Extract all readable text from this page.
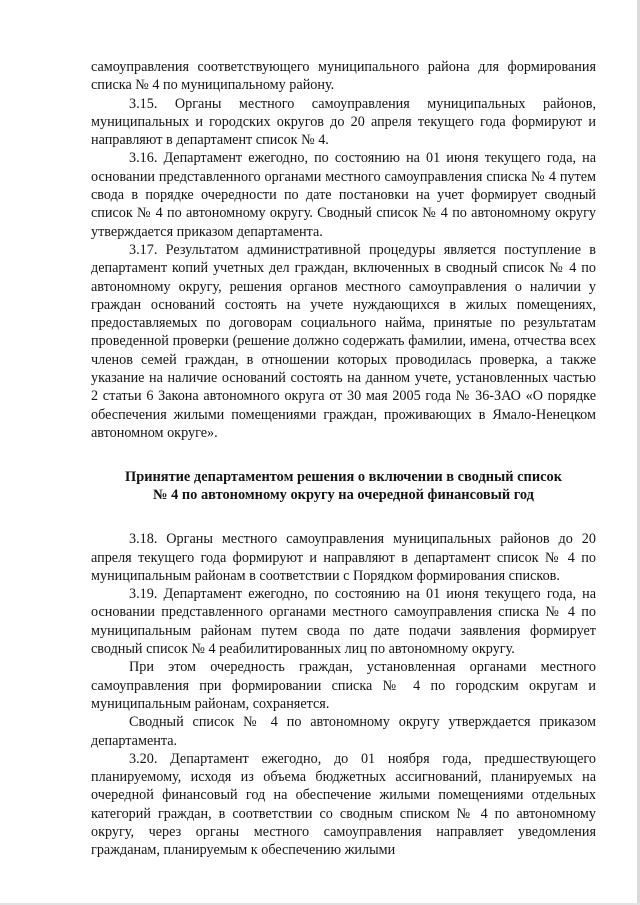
самоуправления соответствующего муниципального района для формирования списка № 4 по муниципальному району.

3.15. Органы местного самоуправления муниципальных районов, муниципальных и городских округов до 20 апреля текущего года формируют и направляют в департамент список № 4.

3.16. Департамент ежегодно, по состоянию на 01 июня текущего года, на основании представленного органами местного самоуправления списка № 4 путем свода в порядке очередности по дате постановки на учет формирует сводный список № 4 по автономному округу. Сводный список № 4 по автономному округу утверждается приказом департамента.

3.17. Результатом административной процедуры является поступление в департамент копий учетных дел граждан, включенных в сводный список № 4 по автономному округу, решения органов местного самоуправления о наличии у граждан оснований состоять на учете нуждающихся в жилых помещениях, предоставляемых по договорам социального найма, принятые по результатам проведенной проверки (решение должно содержать фамилии, имена, отчества всех членов семей граждан, в отношении которых проводилась проверка, а также указание на наличие оснований состоять на данном учете, установленных частью 2 статьи 6 Закона автономного округа от 30 мая 2005 года № 36-ЗАО «О порядке обеспечения жилыми помещениями граждан, проживающих в Ямало-Ненецком автономном округе».

Принятие департаментом решения о включении в сводный список
№ 4 по автономному округу на очередной финансовый год

3.18. Органы местного самоуправления муниципальных районов до 20 апреля текущего года формируют и направляют в департамент список № 4 по муниципальным районам в соответствии с Порядком формирования списков.

3.19. Департамент ежегодно, по состоянию на 01 июня текущего года, на основании представленного органами местного самоуправления списка № 4 по муниципальным районам путем свода по дате подачи заявления формирует сводный список № 4 реабилитированных лиц по автономному округу.

При этом очередность граждан, установленная органами местного самоуправления при формировании списка № 4 по городским округам и муниципальным районам, сохраняется.

Сводный список № 4 по автономному округу утверждается приказом департамента.

3.20. Департамент ежегодно, до 01 ноября года, предшествующего планируемому, исходя из объема бюджетных ассигнований, планируемых на очередной финансовый год на обеспечение жилыми помещениями отдельных категорий граждан, в соответствии со сводным списком № 4 по автономному округу, через органы местного самоуправления направляет уведомления гражданам, планируемым к обеспечению жилыми
